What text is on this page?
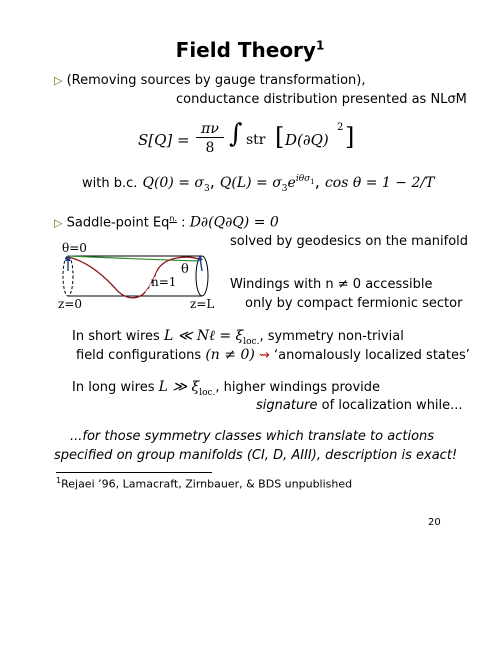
Field Theory$^1$
▷ (Removing sources by gauge transformation),
conductance distribution presented as NLσM
S[Q] =
πν
8 ∫ str [ D(∂Q)
2 ]
with b.c. $Q(0) = \sigma_3$, $Q(L) = \sigma_3e^{i\theta\sigma_1}$, cos θ = 1 − 2/T
▷ Saddle-point $Eq^{n.}$ : D∂(Q∂Q) = 0
solved by geodesics on the manifold
θ=0
θ
n=1
z=0	z=L
Windings with n ≠ 0 accessible
only by compact fermionic sector
In short wires L ≪ Nℓ = $\xi_{loc.}$, symmetry non-trivial
field configurations (n ≠ 0) ⇝ ‘anomalously localized states’
In long wires L ≫ $\xi_{loc.}$, higher windings provide
signature of localization while...
...for those symmetry classes which translate to actions
specified on group manifolds (CI, D, AIII), description is exact!
$^1$Rejaei ’96, Lamacraft, Zirnbauer, & BDS unpublished
20
